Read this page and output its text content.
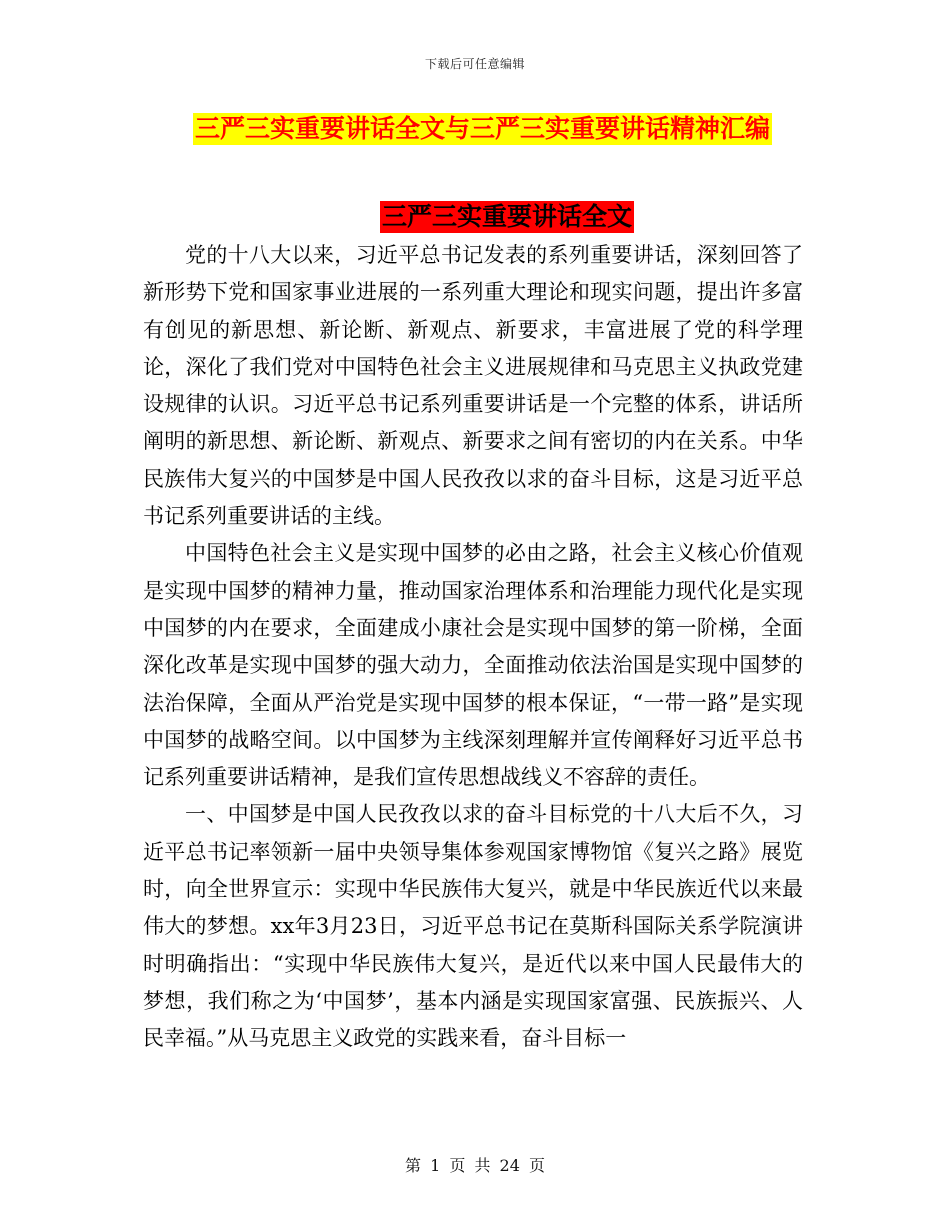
下载后可任意编辑
三严三实重要讲话全文与三严三实重要讲话精神汇编
三严三实重要讲话全文

党的十八大以来，习近平总书记发表的系列重要讲话，深刻回答了新形势下党和国家事业进展的一系列重大理论和现实问题，提出许多富有创见的新思想、新论断、新观点、新要求，丰富进展了党的科学理论，深化了我们党对中国特色社会主义进展规律和马克思主义执政党建设规律的认识。习近平总书记系列重要讲话是一个完整的体系，讲话所阐明的新思想、新论断、新观点、新要求之间有密切的内在关系。中华民族伟大复兴的中国梦是中国人民孜孜以求的奋斗目标，这是习近平总书记系列重要讲话的主线。

中国特色社会主义是实现中国梦的必由之路，社会主义核心价值观是实现中国梦的精神力量，推动国家治理体系和治理能力现代化是实现中国梦的内在要求，全面建成小康社会是实现中国梦的第一阶梯，全面深化改革是实现中国梦的强大动力，全面推动依法治国是实现中国梦的法治保障，全面从严治党是实现中国梦的根本保证，“一带一路”是实现中国梦的战略空间。以中国梦为主线深刻理解并宣传阐释好习近平总书记系列重要讲话精神，是我们宣传思想战线义不容辞的责任。

一、中国梦是中国人民孜孜以求的奋斗目标党的十八大后不久，习近平总书记率领新一届中央领导集体参观国家博物馆《复兴之路》展览时，向全世界宣示：实现中华民族伟大复兴，就是中华民族近代以来最伟大的梦想。xx年3月23日，习近平总书记在莫斯科国际关系学院演讲时明确指出：“实现中华民族伟大复兴，是近代以来中国人民最伟大的梦想，我们称之为‘中国梦’，基本内涵是实现国家富强、民族振兴、人民幸福。”从马克思主义政党的实践来看，奋斗目标一

第 1 页 共 24 页
